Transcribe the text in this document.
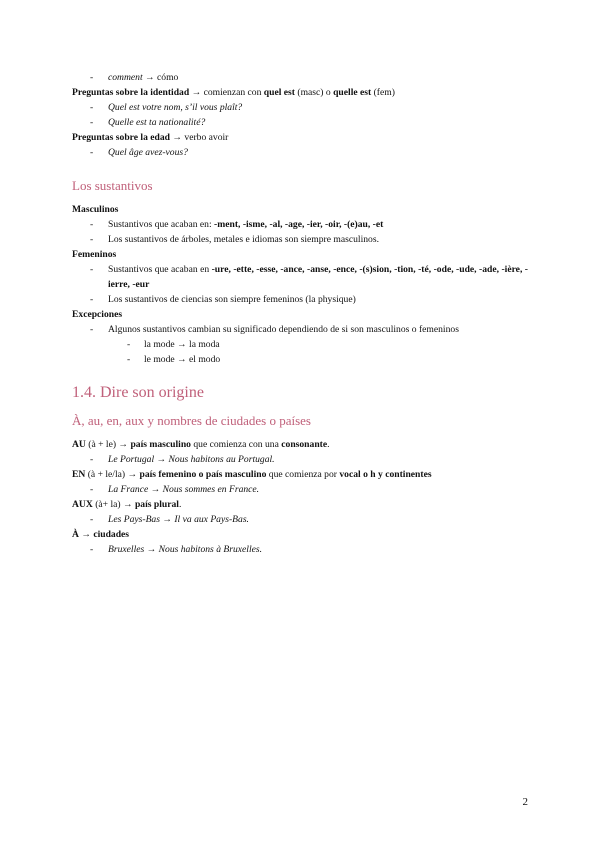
- comment → cómo
Preguntas sobre la identidad → comienzan con quel est (masc) o quelle est (fem)
- Quel est votre nom, s’il vous plaît?
- Quelle est ta nationalité?
Preguntas sobre la edad → verbo avoir
- Quel âge avez-vous?
Los sustantivos
Masculinos
- Sustantivos que acaban en: -ment, -isme, -al, -age, -ier, -oir, -(e)au, -et
- Los sustantivos de árboles, metales e idiomas son siempre masculinos.
Femeninos
- Sustantivos que acaban en -ure, -ette, -esse, -ance, -anse, -ence, -(s)sion, -tion, -té, -ode, -ude, -ade, -ière, -ierre, -eur
- Los sustantivos de ciencias son siempre femeninos (la physique)
Excepciones
- Algunos sustantivos cambian su significado dependiendo de si son masculinos o femeninos
- la mode → la moda
- le mode → el modo
1.4. Dire son origine
À, au, en, aux y nombres de ciudades o países
AU (à + le) → país masculino que comienza con una consonante.
- Le Portugal → Nous habitons au Portugal.
EN (à + le/la) → país femenino o país masculino que comienza por vocal o h y continentes
- La France → Nous sommes en France.
AUX (à+ la) → país plural.
- Les Pays-Bas → Il va aux Pays-Bas.
À → ciudades
- Bruxelles → Nous habitons à Bruxelles.
2
